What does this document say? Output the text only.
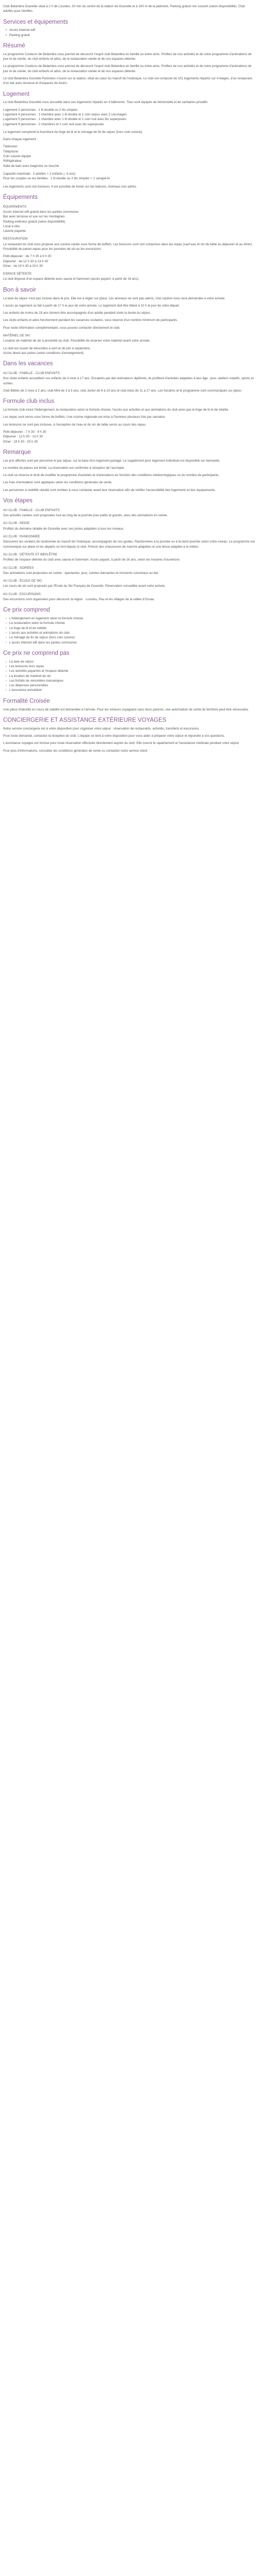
Club Belambra Gourette situé à 2 h de Lourdes, 20 min du centre de la station de Gourette et à 100 m de la patinoire. Parking gratuit non couvert (selon disponibilité). Club adultes pour familles.

Services et équipements
• Accès Internet wifi
• Parking gratuit
Résumé

Le programme Couleurs de Belambra vous permet de découvrir l'esprit club Belambra en famille ou entre amis. Profitez de nos activités et de notre programme d'animations de jour et de soirée, du club enfants et ados, de la restauration variée et de nos espaces détente.

Le programme Couleurs de Belambra vous permet de découvrir l'esprit club Belambra en famille ou entre amis. Profitez de nos activités et de notre programme d'animations de jour et de soirée, du club enfants et ados, de la restauration variée et de nos espaces détente.

Le club Belambra Gourette Pyrénées s'ouvre sur la station, situé au cœur du massif de l'Aubisque. Le club est composé de 151 logements répartis sur 4 étages, d'un restaurant, d'un bar avec terrasse et d'espaces de loisirs.

Logement

Le club Belambra Gourette vous accueille dans ses logements répartis en 4 bâtiments. Tous sont équipés de kitchenette et de sanitaires privatifs.

Logement 2 personnes : 1 lit double ou 2 lits simples

Logement 4 personnes : 1 chambre avec 1 lit double et 1 coin séjour avec 2 couchages

Logement 5 personnes : 1 chambre avec 1 lit double et 1 coin nuit avec lits superposés

Logement 6 personnes : 2 chambres et 1 coin nuit avec lits superposés

Le logement comprend la fourniture du linge de lit et le ménage de fin de séjour (hors coin cuisine).

Dans chaque logement :

Télévision

Téléphone

Coin cuisine équipé

Réfrigérateur

Salle de bain avec baignoire ou douche

Capacité maximale : 2 adultes + 2 enfants (- 6 ans)

Pour les couples ou les familles : 1 lit double ou 2 lits simples + 1 canapé-lit

Les logements sont non-fumeurs. Il est possible de fumer sur les balcons. Animaux non admis.

Équipements
ÉQUIPEMENTS

Accès Internet wifi gratuit dans les parties communes

Bar avec terrasse et vue sur les montagnes

Parking extérieur gratuit (selon disponibilité)

Local à skis

Laverie payante

RESTAURATION

Le restaurant du club vous propose une cuisine variée sous forme de buffets. Les boissons sont non comprises dans les repas (sauf eau et vin de table au déjeuner et au dîner). Possibilité de panier-repas pour les journées de ski ou les excursions.

Petit-déjeuner : de 7 h 30 à 9 h 30

Déjeuner : de 12 h 30 à 13 h 30

Dîner : de 19 h 30 à 20 h 30

ESPACE DÉTENTE

Le club dispose d'un espace détente avec sauna et hammam (accès payant, à partir de 16 ans).

Bon à savoir

La taxe de séjour n'est pas incluse dans le prix. Elle est à régler sur place. Les animaux ne sont pas admis. Une caution vous sera demandée à votre arrivée.

L'accès au logement se fait à partir de 17 h le jour de votre arrivée. Le logement doit être libéré à 10 h le jour de votre départ.

Les enfants de moins de 18 ans doivent être accompagnés d'un adulte pendant toute la durée du séjour.

Les clubs enfants et ados fonctionnent pendant les vacances scolaires, sous réserve d'un nombre minimum de participants.

Pour toute information complémentaire, vous pouvez contacter directement le club.

MATÉRIEL DE SKI

Location de matériel de ski à proximité du club. Possibilité de réserver votre matériel avant votre arrivée.

Le club est ouvert de décembre à avril et de juin à septembre.

Accès direct aux pistes (selon conditions d'enneigement).

Dans les vacances
AU CLUB : FAMILLE - CLUB ENFANTS

Nos clubs enfants accueillent vos enfants de 3 mois à 17 ans. Encadrés par des animateurs diplômés, ils profitent d'activités adaptées à leur âge : jeux, ateliers créatifs, sports et sorties.

Club Bébés de 3 mois à 2 ans, club Mini de 3 à 5 ans, club Junior de 6 à 10 ans et club Ados de 11 à 17 ans. Les horaires et le programme sont communiqués sur place.

Formule club inclus

La formule club inclut l'hébergement, la restauration selon la formule choisie, l'accès aux activités et aux animations du club ainsi que le linge de lit et de toilette.

Les repas sont servis sous forme de buffets. Une cuisine régionale est mise à l'honneur plusieurs fois par semaine.

Les boissons ne sont pas incluses, à l'exception de l'eau et du vin de table servis au cours des repas.

Petit-déjeuner : 7 h 30 - 9 h 30

Déjeuner : 12 h 30 - 13 h 30

Dîner : 19 h 30 - 20 h 30

Remarque

Les prix affichés sont par personne et par séjour, sur la base d'un logement partagé. Le supplément pour logement individuel est disponible sur demande.

Le nombre de places est limité. La réservation est confirmée à réception de l'acompte.

Le club se réserve le droit de modifier le programme d'activités et d'animations en fonction des conditions météorologiques ou du nombre de participants.

Les frais d'annulation sont appliqués selon les conditions générales de vente.

Les personnes à mobilité réduite sont invitées à nous contacter avant leur réservation afin de vérifier l'accessibilité des logements et des équipements.

Vos étapes
AU CLUB : FAMILLE - CLUB ENFANTS

Des activités variées sont proposées tout au long de la journée pour petits et grands, avec des animations en soirée.

AU CLUB : NEIGE

Profitez du domaine skiable de Gourette avec ses pistes adaptées à tous les niveaux.

AU CLUB : RANDONNÉE

Découvrez les sentiers de randonnée du massif de l'Aubisque, accompagnés de nos guides. Randonnées à la journée ou à la demi-journée selon votre niveau. Le programme est communiqué sur place et les départs se font depuis le club. Prévoir des chaussures de marche adaptées et une tenue adaptée à la météo.

AU CLUB : DÉTENTE ET BIEN-ÊTRE

Profitez de l'espace détente du club avec sauna et hammam. Accès payant, à partir de 16 ans, selon les horaires d'ouverture.

AU CLUB : SOIRÉES

Des animations sont proposées en soirée : spectacles, jeux, soirées dansantes et moments conviviaux au bar.

AU CLUB : ÉCOLE DE SKI

Les cours de ski sont proposés par l'École du Ski Français de Gourette. Réservation conseillée avant votre arrivée.

AU CLUB : EXCURSIONS

Des excursions sont organisées pour découvrir la région : Lourdes, Pau et les villages de la vallée d'Ossau.

Ce prix comprend
› L'hébergement en logement selon la formule choisie
› La restauration selon la formule choisie
› Le linge de lit et de toilette
› L'accès aux activités et animations du club
› Le ménage de fin de séjour (hors coin cuisine)
› L'accès Internet wifi dans les parties communes
Ce prix ne comprend pas
› La taxe de séjour
› Les boissons hors repas
› Les activités payantes et l'espace détente
› La location de matériel de ski
› Les forfaits de remontées mécaniques
› Les dépenses personnelles
› L'assurance annulation
Formalité Croisée

Une pièce d'identité en cours de validité est demandée à l'arrivée. Pour les mineurs voyageant sans leurs parents, une autorisation de sortie du territoire peut être nécessaire.

CONCIERGERIE ET ASSISTANCE EXTÉRIEURE VOYAGES

Notre service conciergerie est à votre disposition pour organiser votre séjour : réservation de restaurants, activités, transferts et excursions.

Pour toute demande, contactez la réception du club. L'équipe se tient à votre disposition pour vous aider à préparer votre séjour et répondre à vos questions.

L'assistance voyages est incluse pour toute réservation effectuée directement auprès du club. Elle couvre le rapatriement et l'assistance médicale pendant votre séjour.

Pour plus d'informations, consultez les conditions générales de vente ou contactez notre service client.
